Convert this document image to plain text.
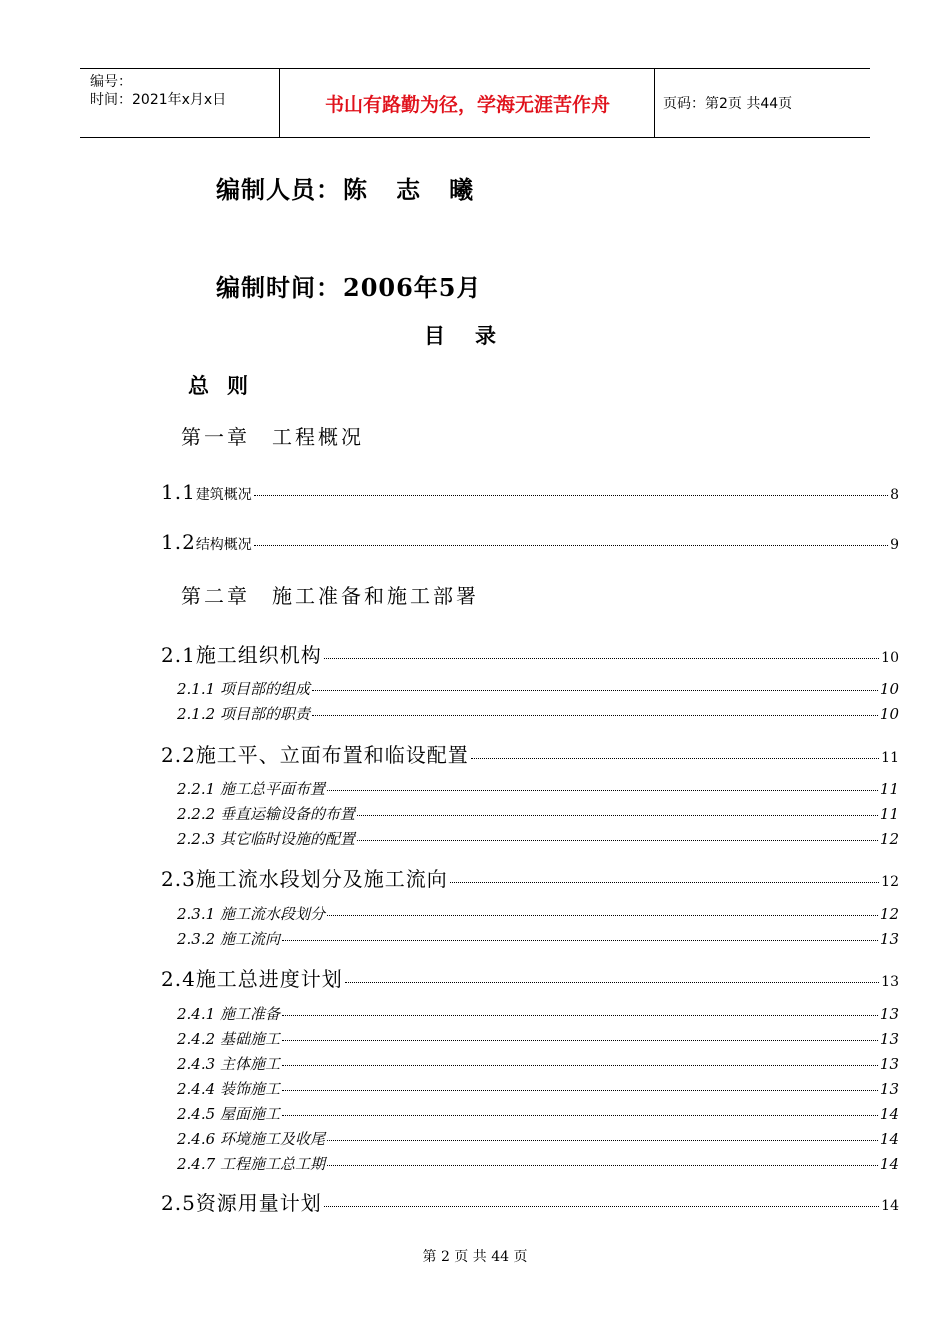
编号：
时间：2021年x月x日	书山有路勤为径，学海无涯苦作舟	页码：第2页 共44页
编制人员：陈   志   曦
编制时间：2006年5月
目录
总则
第一章 工程概况
1.1建筑概况	8
1.2结构概况	9
第二章 施工准备和施工部署
2.1施工组织机构	10
2.1.1 项目部的组成	10
2.1.2 项目部的职责	10
2.2施工平、立面布置和临设配置	11
2.2.1 施工总平面布置	11
2.2.2 垂直运输设备的布置	11
2.2.3 其它临时设施的配置	12
2.3施工流水段划分及施工流向	12
2.3.1 施工流水段划分	12
2.3.2 施工流向	13
2.4施工总进度计划	13
2.4.1 施工准备	13
2.4.2 基础施工	13
2.4.3 主体施工	13
2.4.4 装饰施工	13
2.4.5 屋面施工	14
2.4.6 环境施工及收尾	14
2.4.7 工程施工总工期	14
2.5资源用量计划	14
第 2 页 共 44 页
